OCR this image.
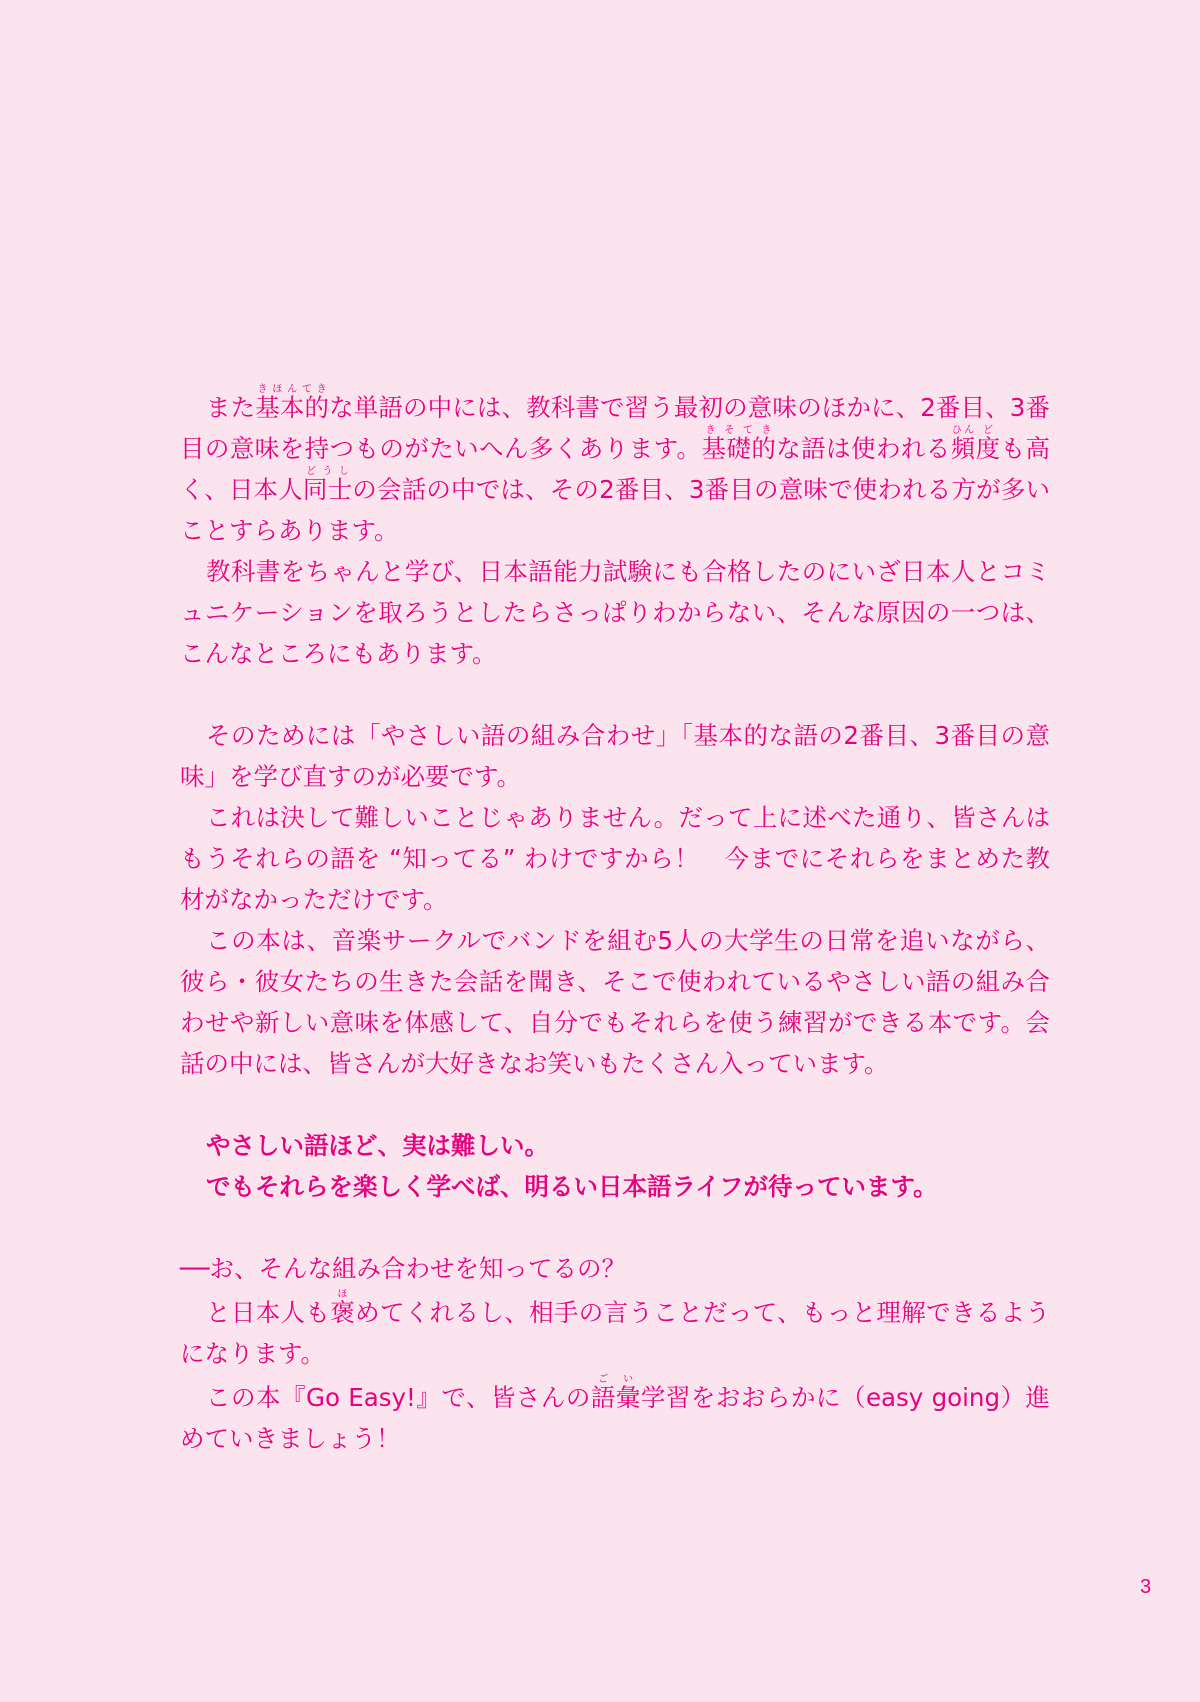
また基本的きほんてきな単語の中には、教科書で習う最初の意味のほかに、2番目、3番目の意味を持つものがたいへん多くあります。基礎的きそてきな語は使われる頻ひん度ども高く、日本人同士どうしの会話の中では、その2番目、3番目の意味で使われる方が多いことすらあります。

教科書をちゃんと学び、日本語能力試験にも合格したのにいざ日本人とコミュニケーションを取ろうとしたらさっぱりわからない、そんな原因の一つは、こんなところにもあります。

そのためには「やさしい語の組み合わせ」「基本的な語の2番目、3番目の意味」を学び直すのが必要です。

これは決して難しいことじゃありません。だって上に述べた通り、皆さんはもうそれらの語を “知ってる” わけですから！　今までにそれらをまとめた教材がなかっただけです。

この本は、音楽サークルでバンドを組む5人の大学生の日常を追いながら、彼ら・彼女たちの生きた会話を聞き、そこで使われているやさしい語の組み合わせや新しい意味を体感して、自分でもそれらを使う練習ができる本です。会話の中には、皆さんが大好きなお笑いもたくさん入っています。

やさしい語ほど、実は難しい。

でもそれらを楽しく学べば、明るい日本語ライフが待っています。

──お、そんな組み合わせを知ってるの？

と日本人も褒ほめてくれるし、相手の言うことだって、もっと理解できるようになります。

この本『Go Easy!』で、皆さんの語ご彙い学習をおおらかに（easy going）進めていきましょう！

3
